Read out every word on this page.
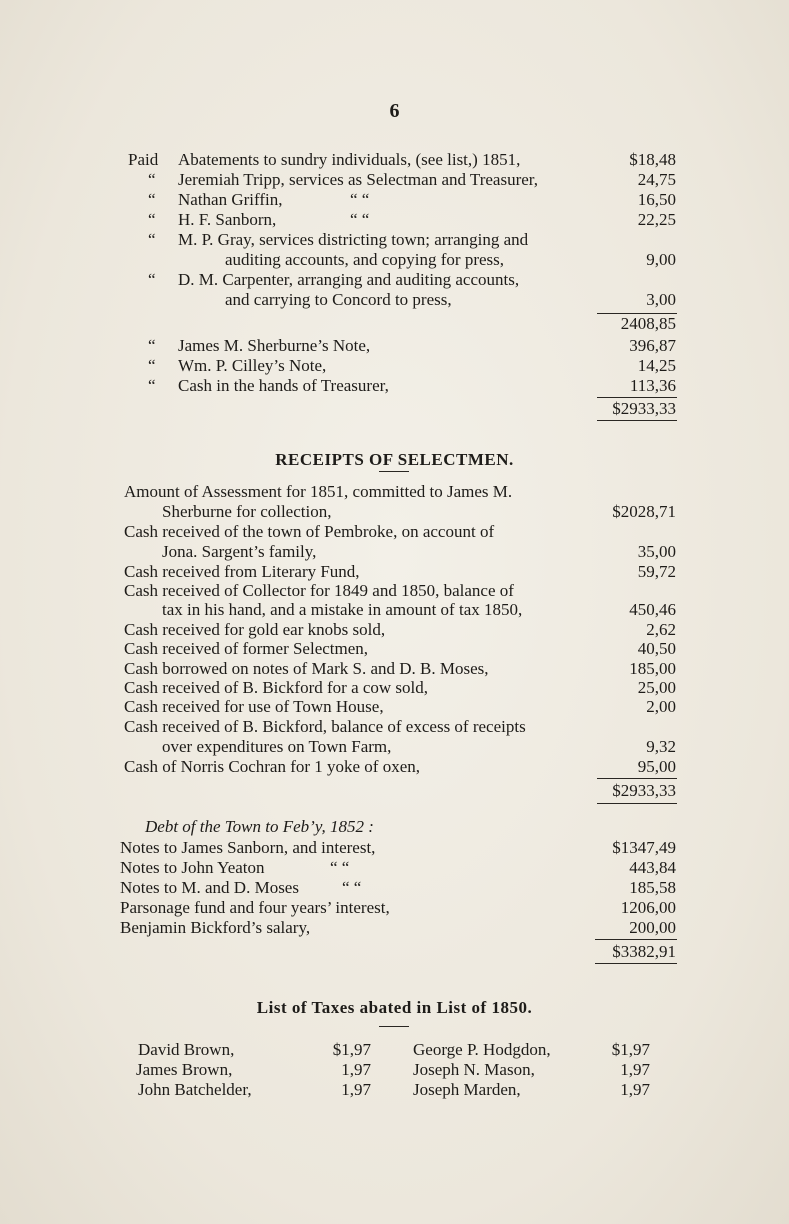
6
Paid Abatements to sundry individuals, (see list,) 1851,	$18,48
“ Jeremiah Tripp, services as Selectman and Treasurer,	24,75
“ Nathan Griffin,	“ “	16,50
“ H. F. Sanborn,	“ “	22,25
“ M. P. Gray, services districting town; arranging and
auditing accounts, and copying for press,	9,00
“ D. M. Carpenter, arranging and auditing accounts,
and carrying to Concord to press,	3,00
2408,85
“ James M. Sherburne’s Note,	396,87
“ Wm. P. Cilley’s Note,	14,25
“ Cash in the hands of Treasurer,	113,36
$2933,33
RECEIPTS OF SELECTMEN.
Amount of Assessment for 1851, committed to James M.
Sherburne for collection,	$2028,71
Cash received of the town of Pembroke, on account of
Jona. Sargent’s family,	35,00
Cash received from Literary Fund,	59,72
Cash received of Collector for 1849 and 1850, balance of
tax in his hand, and a mistake in amount of tax 1850,	450,46
Cash received for gold ear knobs sold,	2,62
Cash received of former Selectmen,	40,50
Cash borrowed on notes of Mark S. and D. B. Moses,	185,00
Cash received of B. Bickford for a cow sold,	25,00
Cash received for use of Town House,	2,00
Cash received of B. Bickford, balance of excess of receipts
over expenditures on Town Farm,	9,32
Cash of Norris Cochran for 1 yoke of oxen,	95,00
$2933,33
Debt of the Town to Feb’y, 1852 :
Notes to James Sanborn, and interest,	$1347,49
Notes to John Yeaton	“ “	443,84
Notes to M. and D. Moses	“ “	185,58
Parsonage fund and four years’ interest,	1206,00
Benjamin Bickford’s salary,	200,00
$3382,91
List of Taxes abated in List of 1850.
David Brown,	$1,97 George P. Hodgdon,	$1,97
James Brown,	1,97 Joseph N. Mason,	1,97
John Batchelder,	1,97 Joseph Marden,	1,97
